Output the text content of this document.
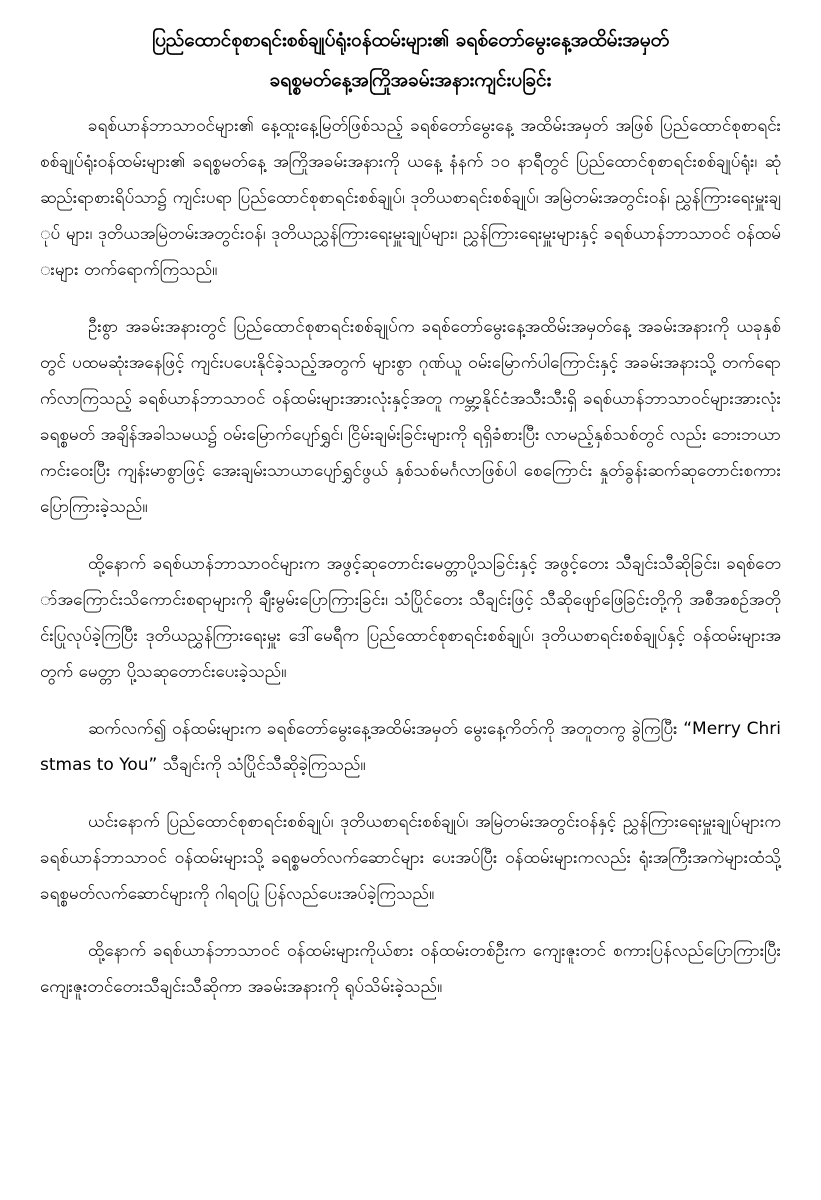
ပြည်ထောင်စုစာရင်းစစ်ချုပ်ရုံးဝန်ထမ်းများ၏ ခရစ်တော်မွေးနေ့အထိမ်းအမှတ်
ခရစ္စမတ်နေ့အကြိုအခမ်းအနားကျင်းပခြင်း

ခရစ်ယာန်ဘာသာဝင်များ၏ နေ့ထူးနေ့မြတ်ဖြစ်သည့် ခရစ်တော်မွေးနေ့ အထိမ်းအမှတ် အဖြစ် ပြည်ထောင်စုစာရင်းစစ်ချုပ်ရုံးဝန်ထမ်းများ၏ ခရစ္စမတ်နေ့ အကြိုအခမ်းအနားကို ယနေ့ နံနက် ၁၀ နာရီတွင် ပြည်ထောင်စုစာရင်းစစ်ချုပ်ရုံး၊ ဆုံဆည်းရာစားရိပ်သာ၌ ကျင်းပရာ ပြည်ထောင်စုစာရင်းစစ်ချုပ်၊ ဒုတိယစာရင်းစစ်ချုပ်၊ အမြဲတမ်းအတွင်းဝန်၊ ညွှန်ကြားရေးမှူးချုပ် များ၊ ဒုတိယအမြဲတမ်းအတွင်းဝန်၊ ဒုတိယညွှန်ကြားရေးမှူးချုပ်များ၊ ညွှန်ကြားရေးမှူးများနှင့် ခရစ်ယာန်ဘာသာဝင် ဝန်ထမ်းများ တက်ရောက်ကြသည်။

ဦးစွာ အခမ်းအနားတွင် ပြည်ထောင်စုစာရင်းစစ်ချုပ်က ခရစ်တော်မွေးနေ့အထိမ်းအမှတ်နေ့ အခမ်းအနားကို ယခုနှစ်တွင် ပထမဆုံးအနေဖြင့် ကျင်းပပေးနိုင်ခဲ့သည့်အတွက် များစွာ ဂုဏ်ယူ ဝမ်းမြောက်ပါကြောင်းနှင့် အခမ်းအနားသို့ တက်ရောက်လာကြသည့် ခရစ်ယာန်ဘာသာဝင် ဝန်ထမ်းများအားလုံးနှင့်အတူ ကမ္ဘာ့နိုင်ငံအသီးသီးရှိ ခရစ်ယာန်ဘာသာဝင်များအားလုံး ခရစ္စမတ် အချိန်အခါသမယ၌ ဝမ်းမြောက်ပျော်ရွှင်၊ ငြိမ်းချမ်းခြင်းများကို ရရှိခံစားပြီး လာမည့်နှစ်သစ်တွင် လည်း ဘေးဘယာကင်းဝေးပြီး ကျန်းမာစွာဖြင့် အေးချမ်းသာယာပျော်ရွှင်ဖွယ် နှစ်သစ်မင်္ဂလာဖြစ်ပါ စေကြောင်း နှုတ်ခွန်းဆက်ဆုတောင်းစကား ပြောကြားခဲ့သည်။

ထို့နောက် ခရစ်ယာန်ဘာသာဝင်များက အဖွင့်ဆုတောင်းမေတ္တာပို့သခြင်းနှင့် အဖွင့်တေး သီချင်းသီဆိုခြင်း၊ ခရစ်တော်အကြောင်းသိကောင်းစရာများကို ချီးမွမ်းပြောကြားခြင်း၊ သံပြိုင်တေး သီချင်းဖြင့် သီဆိုဖျော်ဖြေခြင်းတို့ကို အစီအစဉ်အတိုင်းပြုလုပ်ခဲ့ကြပြီး ဒုတိယညွှန်ကြားရေးမှူး ဒေါ်မေရီက ပြည်ထောင်စုစာရင်းစစ်ချုပ်၊ ဒုတိယစာရင်းစစ်ချုပ်နှင့် ဝန်ထမ်းများအတွက် မေတ္တာ ပို့သဆုတောင်းပေးခဲ့သည်။

ဆက်လက်၍ ဝန်ထမ်းများက ခရစ်တော်မွေးနေ့အထိမ်းအမှတ် မွေးနေ့ကိတ်ကို အတူတကွ ခွဲကြပြီး “Merry Christmas to You” သီချင်းကို သံပြိုင်သီဆိုခဲ့ကြသည်။

ယင်းနောက် ပြည်ထောင်စုစာရင်းစစ်ချုပ်၊ ဒုတိယစာရင်းစစ်ချုပ်၊ အမြဲတမ်းအတွင်းဝန်နှင့် ညွှန်ကြားရေးမှူးချုပ်များက ခရစ်ယာန်ဘာသာဝင် ဝန်ထမ်းများသို့ ခရစ္စမတ်လက်ဆောင်များ ပေးအပ်ပြီး ဝန်ထမ်းများကလည်း ရုံးအကြီးအကဲများထံသို့ ခရစ္စမတ်လက်ဆောင်များကို ဂါရဝပြု ပြန်လည်ပေးအပ်ခဲ့ကြသည်။

ထို့နောက် ခရစ်ယာန်ဘာသာဝင် ဝန်ထမ်းများကိုယ်စား ဝန်ထမ်းတစ်ဦးက ကျေးဇူးတင် စကားပြန်လည်ပြောကြားပြီး ကျေးဇူးတင်တေးသီချင်းသီဆိုကာ အခမ်းအနားကို ရုပ်သိမ်းခဲ့သည်။
